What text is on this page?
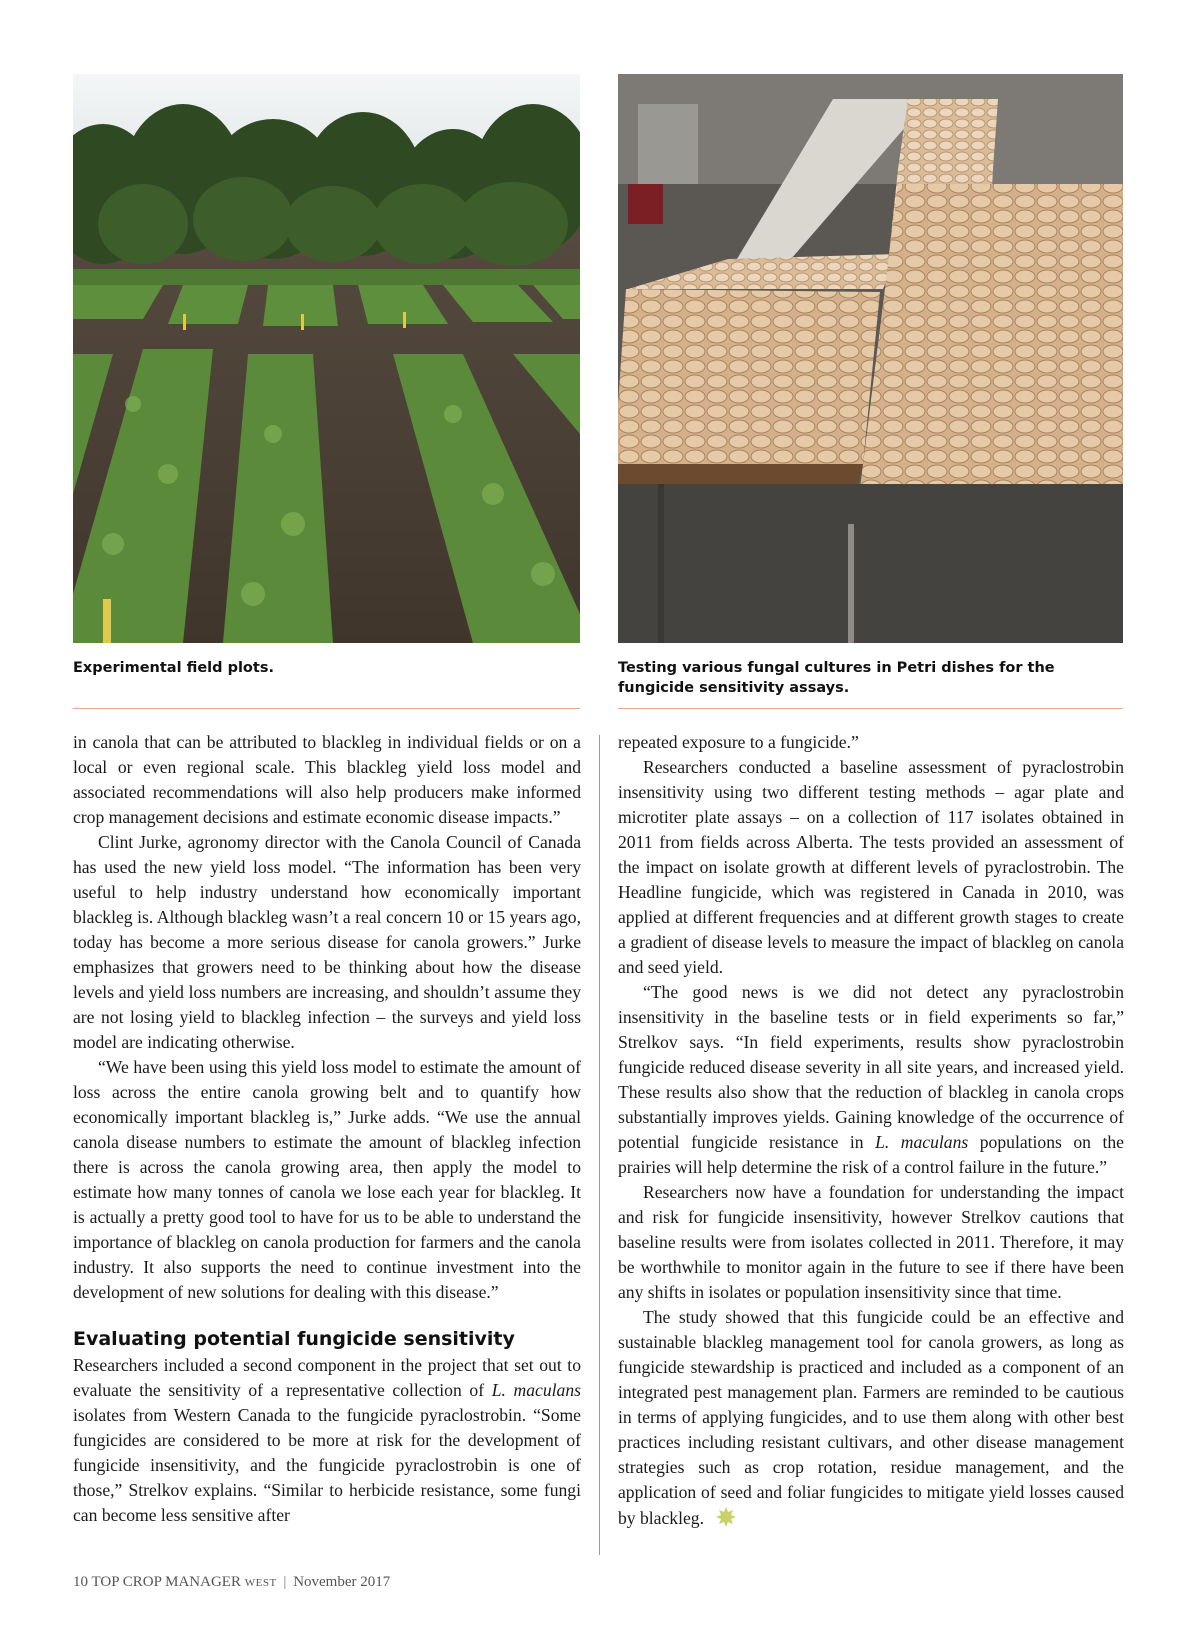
Experimental field plots.	Testing various fungal cultures in Petri dishes for the fungicide sensitivity assays.

in canola that can be attributed to blackleg in individual fields or on a local or even regional scale. This blackleg yield loss model and associated recommendations will also help producers make informed crop management decisions and estimate economic disease impacts.”

Clint Jurke, agronomy director with the Canola Council of Canada has used the new yield loss model. “The information has been very useful to help industry understand how economically important blackleg is. Although blackleg wasn’t a real concern 10 or 15 years ago, today has become a more serious disease for canola growers.” Jurke emphasizes that growers need to be thinking about how the disease levels and yield loss numbers are increasing, and shouldn’t assume they are not losing yield to blackleg infection – the surveys and yield loss model are indicating otherwise.

“We have been using this yield loss model to estimate the amount of loss across the entire canola growing belt and to quantify how economically important blackleg is,” Jurke adds. “We use the annual canola disease numbers to estimate the amount of blackleg infection there is across the canola growing area, then apply the model to estimate how many tonnes of canola we lose each year for blackleg. It is actually a pretty good tool to have for us to be able to understand the importance of blackleg on canola production for farmers and the canola industry. It also supports the need to continue investment into the development of new solutions for dealing with this disease.”

Evaluating potential fungicide sensitivity

Researchers included a second component in the project that set out to evaluate the sensitivity of a representative collection of L. maculans isolates from Western Canada to the fungicide pyraclostrobin. “Some fungicides are considered to be more at risk for the development of fungicide insensitivity, and the fungicide pyraclostrobin is one of those,” Strelkov explains. “Similar to herbicide resistance, some fungi can become less sensitive after

repeated exposure to a fungicide.”

Researchers conducted a baseline assessment of pyraclostrobin insensitivity using two different testing methods – agar plate and microtiter plate assays – on a collection of 117 isolates obtained in 2011 from fields across Alberta. The tests provided an assessment of the impact on isolate growth at different levels of pyraclostrobin. The Headline fungicide, which was registered in Canada in 2010, was applied at different frequencies and at different growth stages to create a gradient of disease levels to measure the impact of blackleg on canola and seed yield.

“The good news is we did not detect any pyraclostrobin insensitivity in the baseline tests or in field experiments so far,” Strelkov says. “In field experiments, results show pyraclostrobin fungicide reduced disease severity in all site years, and increased yield. These results also show that the reduction of blackleg in canola crops substantially improves yields. Gaining knowledge of the occurrence of potential fungicide resistance in L. maculans populations on the prairies will help determine the risk of a control failure in the future.”

Researchers now have a foundation for understanding the impact and risk for fungicide insensitivity, however Strelkov cautions that baseline results were from isolates collected in 2011. Therefore, it may be worthwhile to monitor again in the future to see if there have been any shifts in isolates or population insensitivity since that time.

The study showed that this fungicide could be an effective and sustainable blackleg management tool for canola growers, as long as fungicide stewardship is practiced and included as a component of an integrated pest management plan. Farmers are reminded to be cautious in terms of applying fungicides, and to use them along with other best practices including resistant cultivars, and other disease management strategies such as crop rotation, residue management, and the application of seed and foliar fungicides to mitigate yield losses caused by blackleg.

10 TOP CROP MANAGER WEST | November 2017
